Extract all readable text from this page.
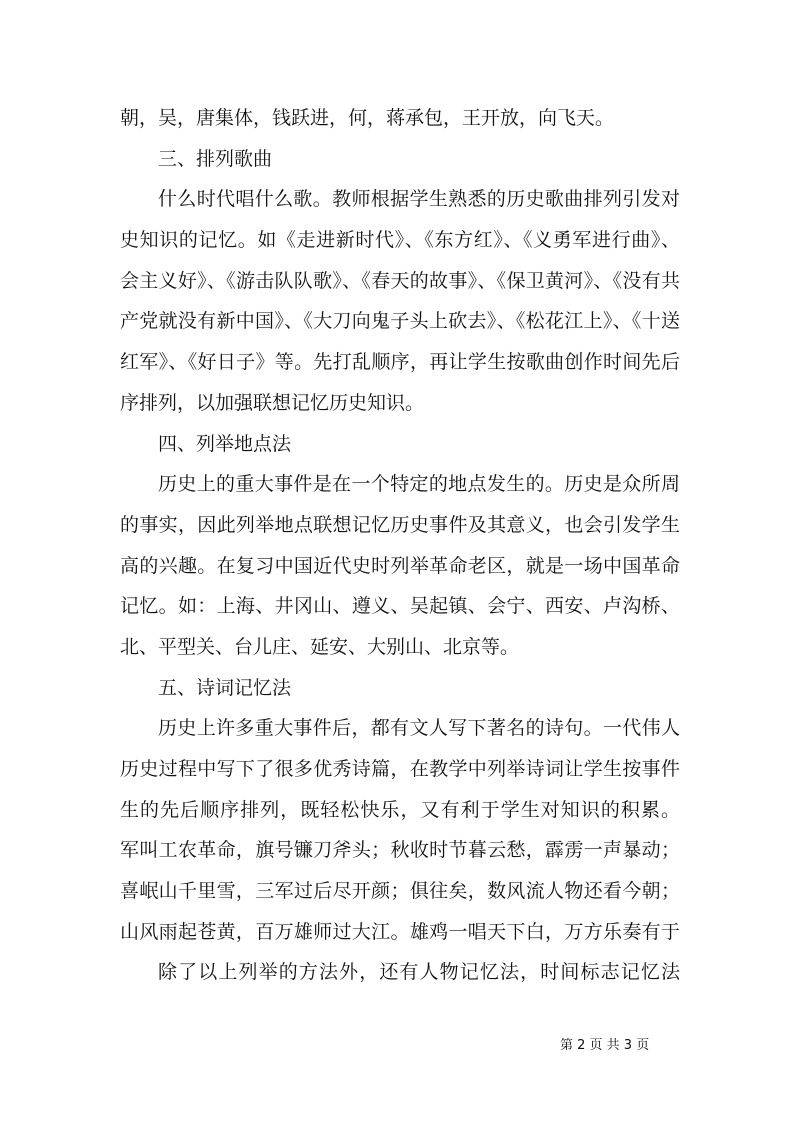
朝，吴，唐集体，钱跃进，何，蒋承包，王开放，向飞天。
三、排列歌曲
什么时代唱什么歌。教师根据学生熟悉的历史歌曲排列引发对
史知识的记忆。如《走进新时代》、《东方红》、《义勇军进行曲》、
会主义好》、《游击队队歌》、《春天的故事》、《保卫黄河》、《没有共
产党就没有新中国》、《大刀向鬼子头上砍去》、《松花江上》、《十送
红军》、《好日子》等。先打乱顺序，再让学生按歌曲创作时间先后
序排列，以加强联想记忆历史知识。
四、列举地点法
历史上的重大事件是在一个特定的地点发生的。历史是众所周
的事实，因此列举地点联想记忆历史事件及其意义，也会引发学生
高的兴趣。在复习中国近代史时列举革命老区，就是一场中国革命
记忆。如：上海、井冈山、遵义、吴起镇、会宁、西安、卢沟桥、
北、平型关、台儿庄、延安、大别山、北京等。
五、诗词记忆法
历史上许多重大事件后，都有文人写下著名的诗句。一代伟人
历史过程中写下了很多优秀诗篇，在教学中列举诗词让学生按事件
生的先后顺序排列，既轻松快乐，又有利于学生对知识的积累。
军叫工农革命，旗号镰刀斧头；秋收时节暮云愁，霹雳一声暴动；
喜岷山千里雪，三军过后尽开颜；俱往矣，数风流人物还看今朝；
山风雨起苍黄，百万雄师过大江。雄鸡一唱天下白，万方乐奏有于
除了以上列举的方法外，还有人物记忆法，时间标志记忆法
第 2 页 共 3 页
